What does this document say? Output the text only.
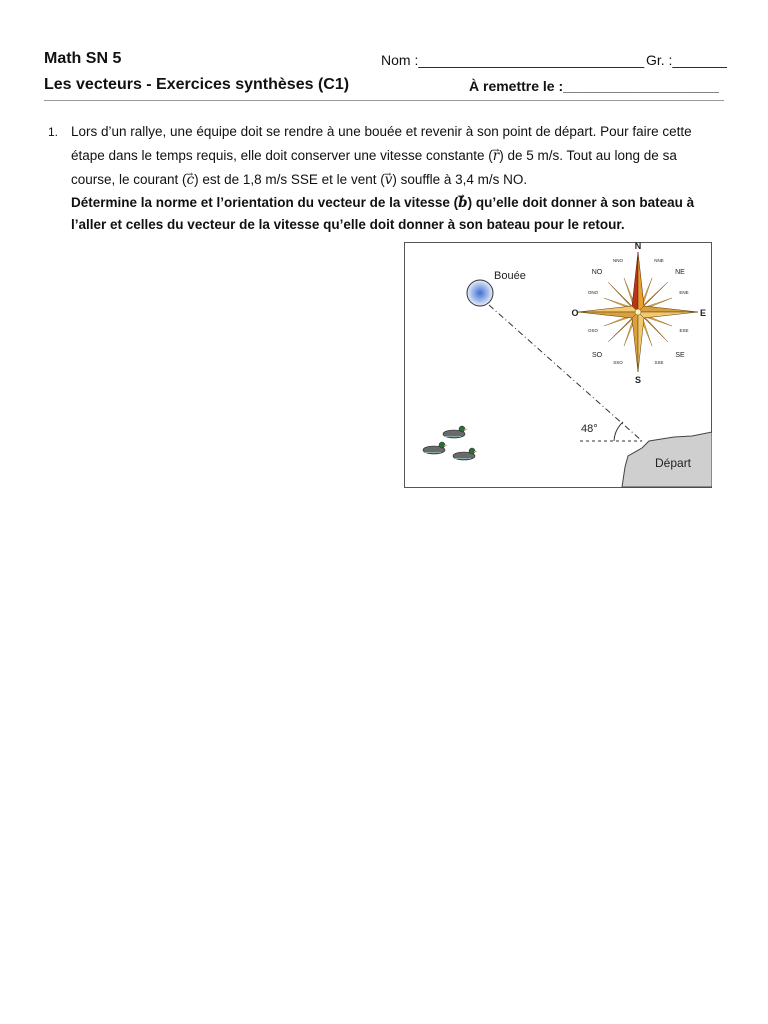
Math SN 5
Les vecteurs - Exercices synthèses (C1)
Nom :_____________________________ Gr. :_______
À remettre le :____________________
1. Lors d’un rallye, une équipe doit se rendre à une bouée et revenir à son point de départ. Pour faire cette étape dans le temps requis, elle doit conserver une vitesse constante (→ r) de 5 m/s. Tout au long de sa course, le courant (→ c) est de 1,8 m/s SSE et le vent (→ v) souffle à 3,4 m/s NO.
Détermine la norme et l’orientation du vecteur de la vitesse (→ b) qu’elle doit donner à son bateau à l’aller et celles du vecteur de la vitesse qu’elle doit donner à son bateau pour le retour.
Bouée
48°
Départ
N
S
E
O
NO	NE
SO	SE
NNO	NNE
ONO	ENE
OSO	ESE
SSO	SSE
